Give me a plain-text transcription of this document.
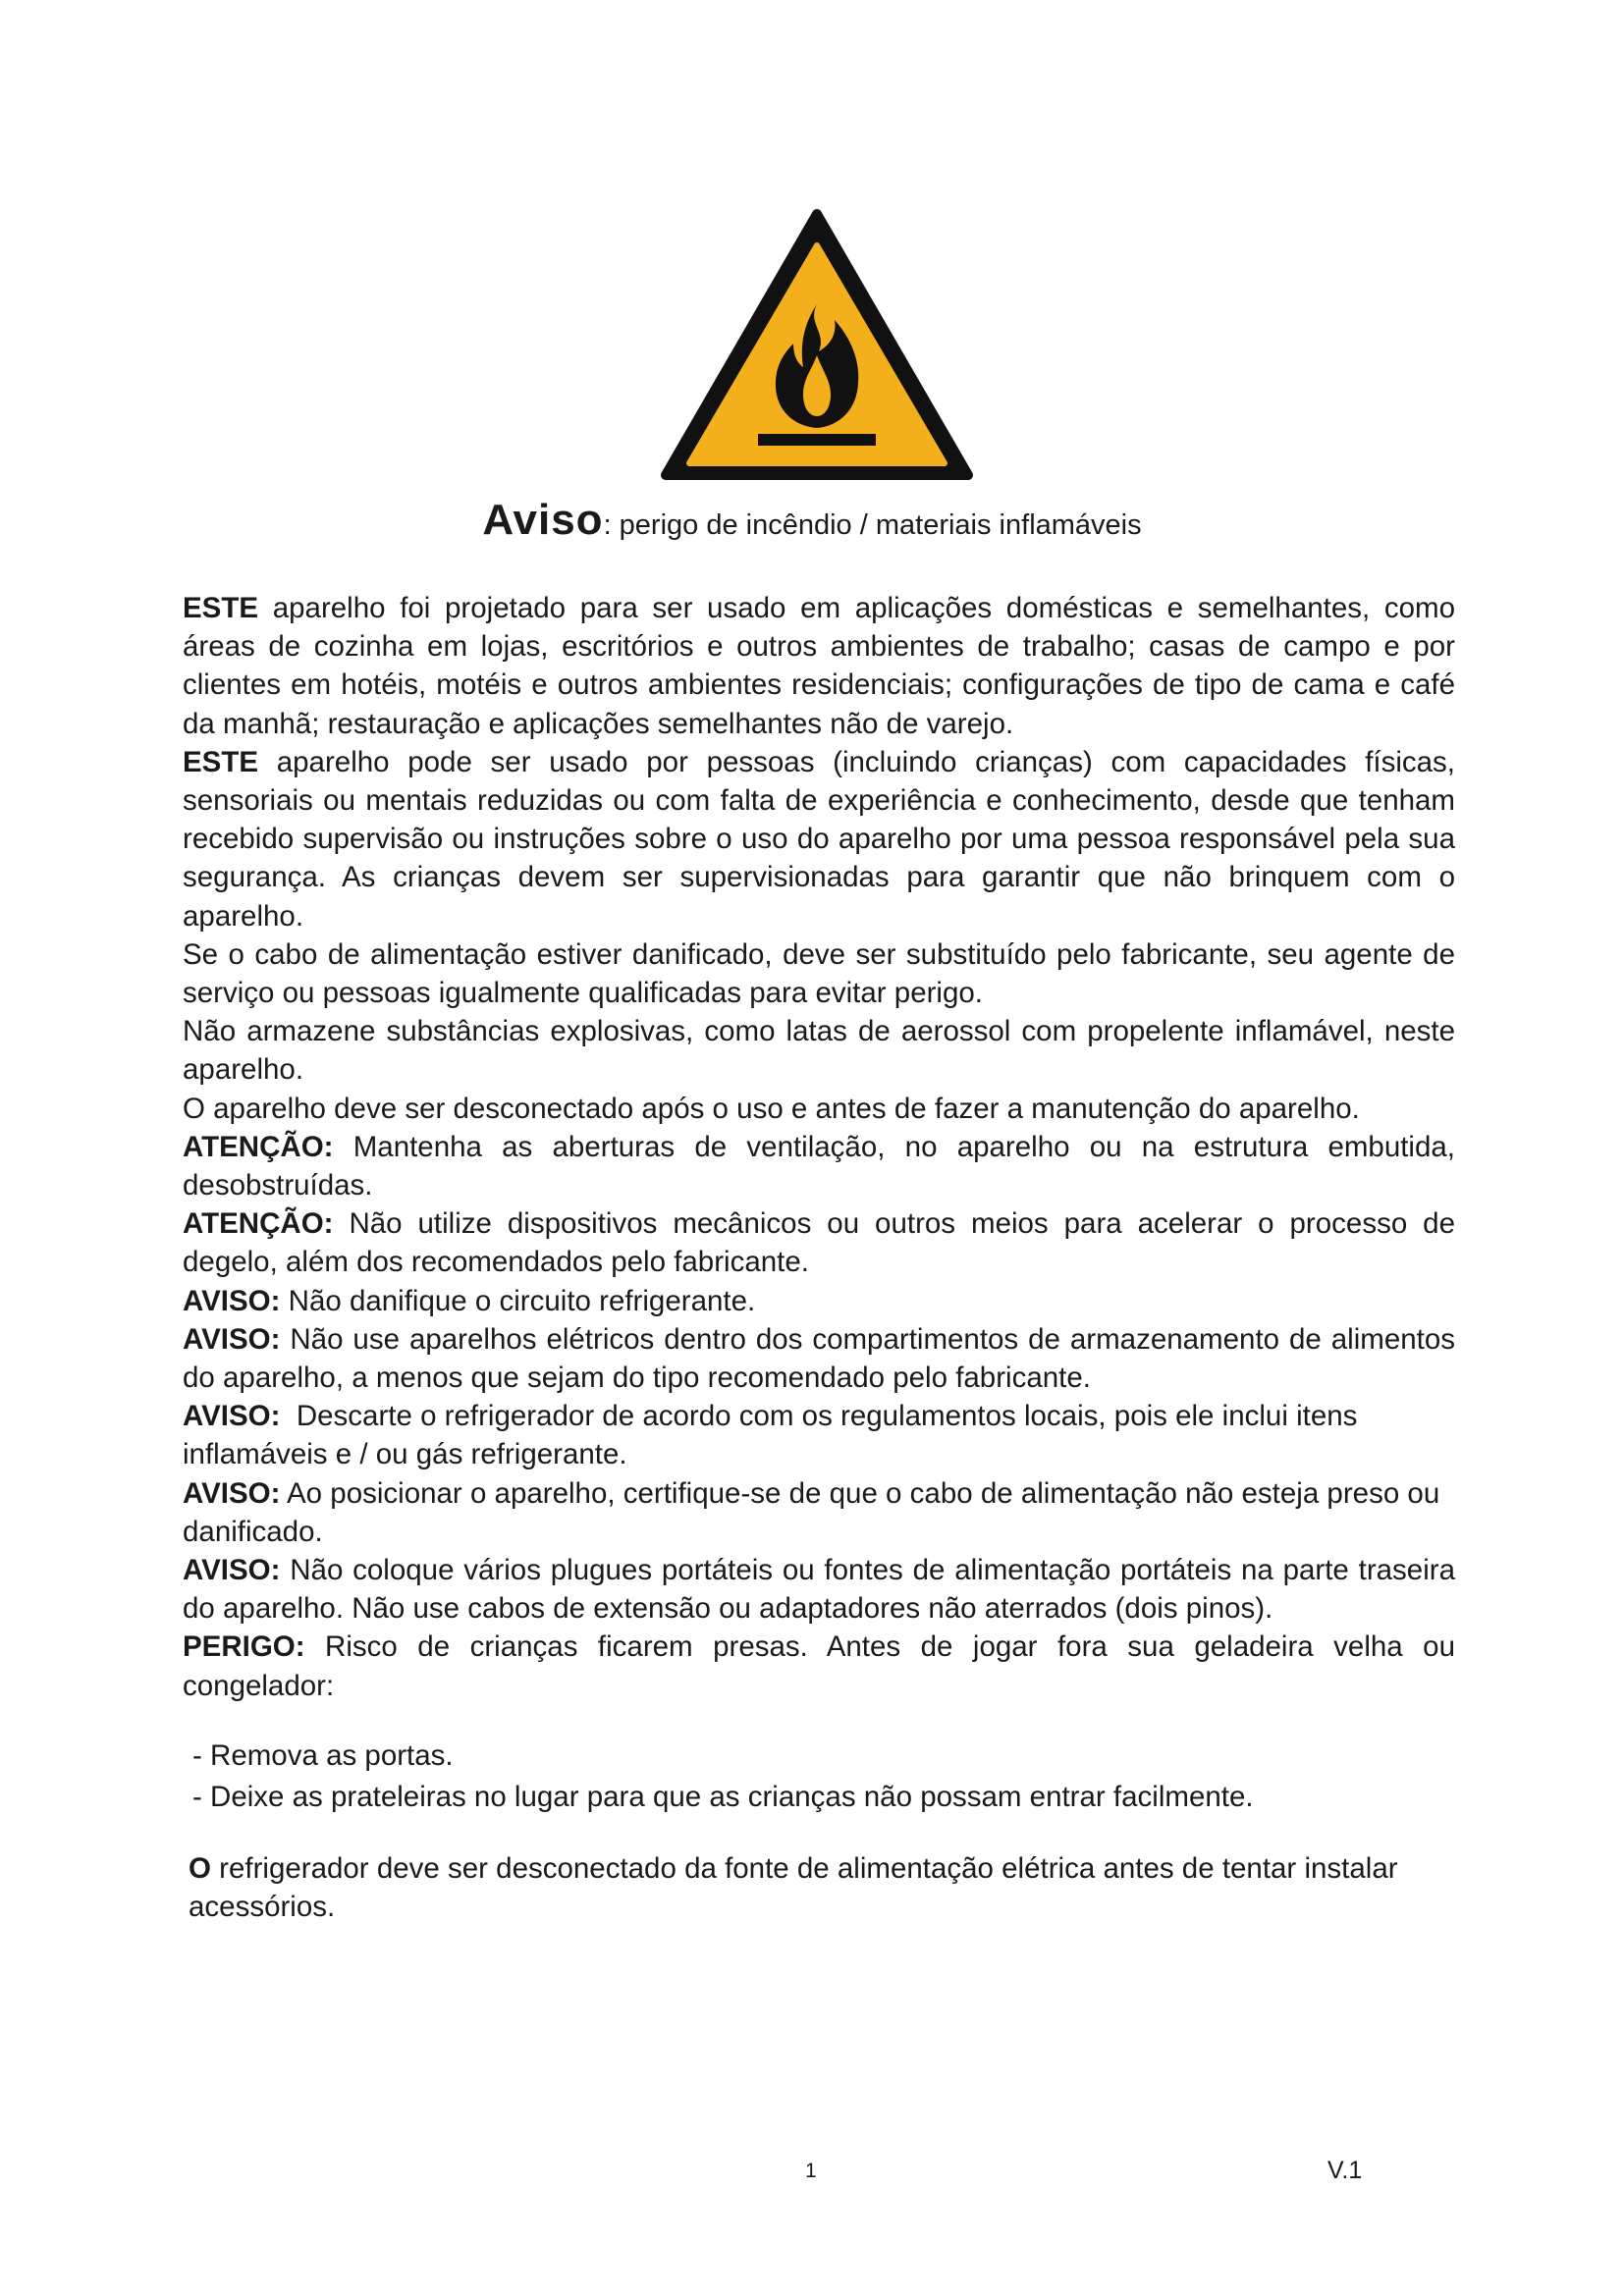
Aviso: perigo de incêndio / materiais inflamáveis

ESTE aparelho foi projetado para ser usado em aplicações domésticas e semelhantes, como áreas de cozinha em lojas, escritórios e outros ambientes de trabalho; casas de campo e por clientes em hotéis, motéis e outros ambientes residenciais; configurações de tipo de cama e café da manhã; restauração e aplicações semelhantes não de varejo.

ESTE aparelho pode ser usado por pessoas (incluindo crianças) com capacidades físicas, sensoriais ou mentais reduzidas ou com falta de experiência e conhecimento, desde que tenham recebido supervisão ou instruções sobre o uso do aparelho por uma pessoa responsável pela sua segurança. As crianças devem ser supervisionadas para garantir que não brinquem com o aparelho.

Se o cabo de alimentação estiver danificado, deve ser substituído pelo fabricante, seu agente de serviço ou pessoas igualmente qualificadas para evitar perigo.

Não armazene substâncias explosivas, como latas de aerossol com propelente inflamável, neste aparelho.

O aparelho deve ser desconectado após o uso e antes de fazer a manutenção do aparelho.

ATENÇÃO: Mantenha as aberturas de ventilação, no aparelho ou na estrutura embutida, desobstruídas.

ATENÇÃO: Não utilize dispositivos mecânicos ou outros meios para acelerar o processo de degelo, além dos recomendados pelo fabricante.

AVISO: Não danifique o circuito refrigerante.

AVISO: Não use aparelhos elétricos dentro dos compartimentos de armazenamento de alimentos do aparelho, a menos que sejam do tipo recomendado pelo fabricante.

AVISO:  Descarte o refrigerador de acordo com os regulamentos locais, pois ele inclui itens inflamáveis e / ou gás refrigerante.

AVISO: Ao posicionar o aparelho, certifique-se de que o cabo de alimentação não esteja preso ou danificado.

AVISO: Não coloque vários plugues portáteis ou fontes de alimentação portáteis na parte traseira do aparelho. Não use cabos de extensão ou adaptadores não aterrados (dois pinos).

PERIGO: Risco de crianças ficarem presas. Antes de jogar fora sua geladeira velha ou congelador:

- Remova as portas.
- Deixe as prateleiras no lugar para que as crianças não possam entrar facilmente.

O refrigerador deve ser desconectado da fonte de alimentação elétrica antes de tentar instalar acessórios.

1	V.1
